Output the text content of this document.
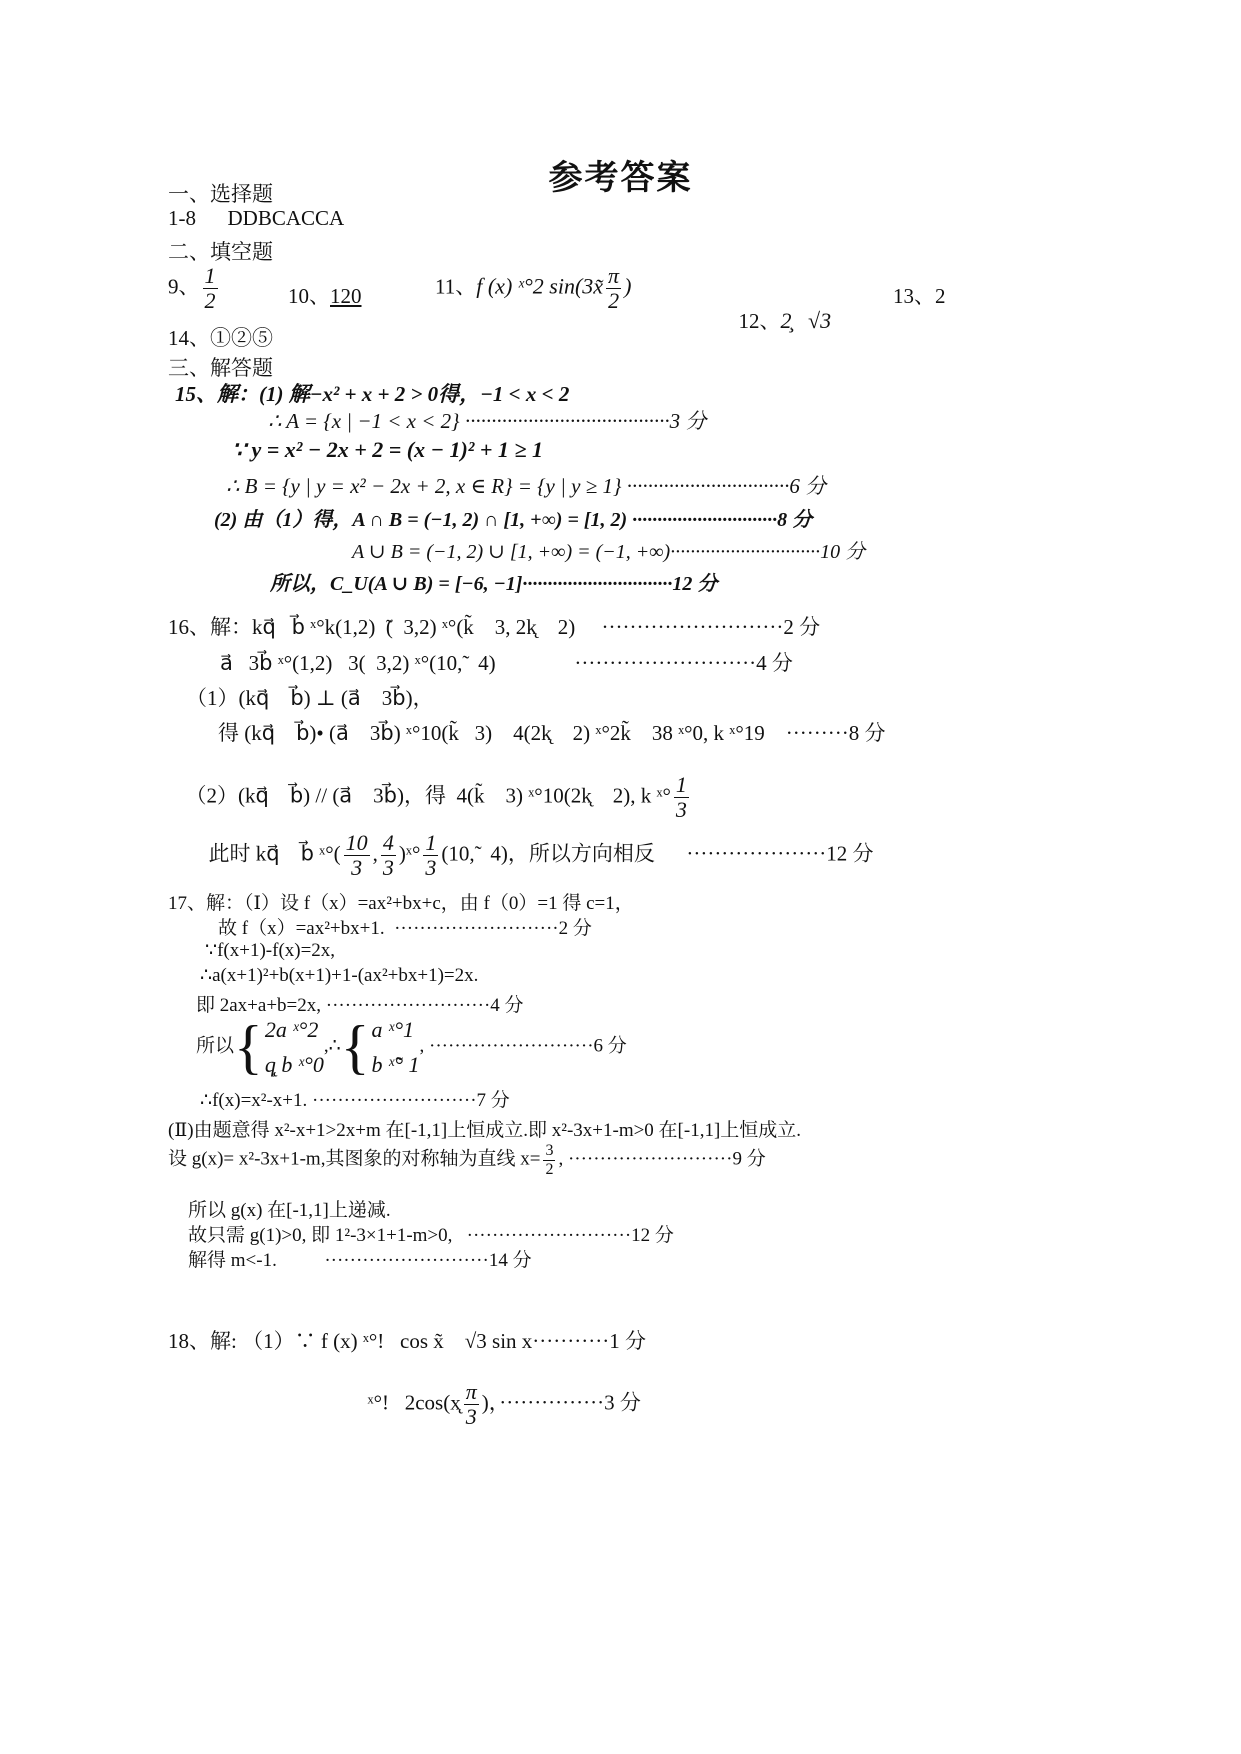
参考答案
一、选择题
1-8      DDBCACCA
二、填空题
9、 $\frac{1}{2}$	10、120	11、f (x) ˣ°2 sin(3x̃ $\frac{\pi}{2}$ )

12、2̧   √3

13、2
14、①②⑤
三、解答题
15、解：(1) 解−x² + x + 2 > 0得，−1 < x < 2
∴ A = {x | −1 < x < 2} ·······································3 分
∵ y = x² − 2x + 2 = (x − 1)² + 1 ≥ 1
∴ B = {y | y = x² − 2x + 2, x ∈ R} = {y | y ≥ 1} ·······························6 分
(2) 由（1）得，A ∩ B = (−1, 2) ∩ [1, +∞) = [1, 2) ·····························8 分
A ∪ B = (−1, 2) ∪ [1, +∞) = (−1, +∞)······························10 分
所以，C_U(A ∪ B) = [−6, −1]······························12 分
16、解：kq⃗   b⃗ ˣ°k(1,2)  ̃(  3,2) ˣ°(k̃    3, 2k̨    2)     ··························2 分
a⃗   3b⃗ ˣ°(1,2)   3(  3,2) ˣ°(10,̃   4)               ··························4 分
（1）(kq⃗    b⃗) ⊥ (a⃗    3b⃗)，
得 (kq⃗    b⃗)• (a⃗    3b⃗) ˣ°10(k̃   3)    4(2k̨    2) ˣ°2k̃    38 ˣ°0, k ˣ°19    ·········8 分

（2）(kq⃗    b⃗) // (a⃗    3b⃗)，得  4(k̃    3) ˣ°10(2k̨    2), k ˣ° $\frac{1}{3}$

此时 kq⃗    b⃗ ˣ°( $\frac{10}{3}$ , $\frac{4}{3}$ )ˣ° $\frac{1}{3}$ (10,̃   4)，所以方向相反      ····················12 分

17、解：（Ⅰ）设 f（x）=ax²+bx+c，由 f（0）=1 得 c=1，
故 f（x）=ax²+bx+1.  ··························2 分
∵f(x+1)-f(x)=2x,
∴a(x+1)²+b(x+1)+1-(ax²+bx+1)=2x.
即 2ax+a+b=2x, ··························4 分
所以{ 2a ˣ°2
q̨ b ˣ°0
,∴{ a ˣ°1
b ˣ̃° 1
, ··························6 分
∴f(x)=x²-x+1. ··························7 分
(Ⅱ)由题意得 x²-x+1>2x+m 在[-1,1]上恒成立.即 x²-3x+1-m>0 在[-1,1]上恒成立.
设 g(x)= x²-3x+1-m,其图象的对称轴为直线 $x= \frac{3}{2}$ , ··························9 分
所以 g(x) 在[-1,1]上递减.
故只需 g(1)>0, 即 1²-3×1+1-m>0,   ··························12 分
解得 m<-1.          ··························14 分
18、解: （1）∵ f (x) ˣ°!   cos x̃    √3 sin x···········1 分

ˣ°!   2cos(x̨ $\frac{\pi}{3}$ )，···············3 分
